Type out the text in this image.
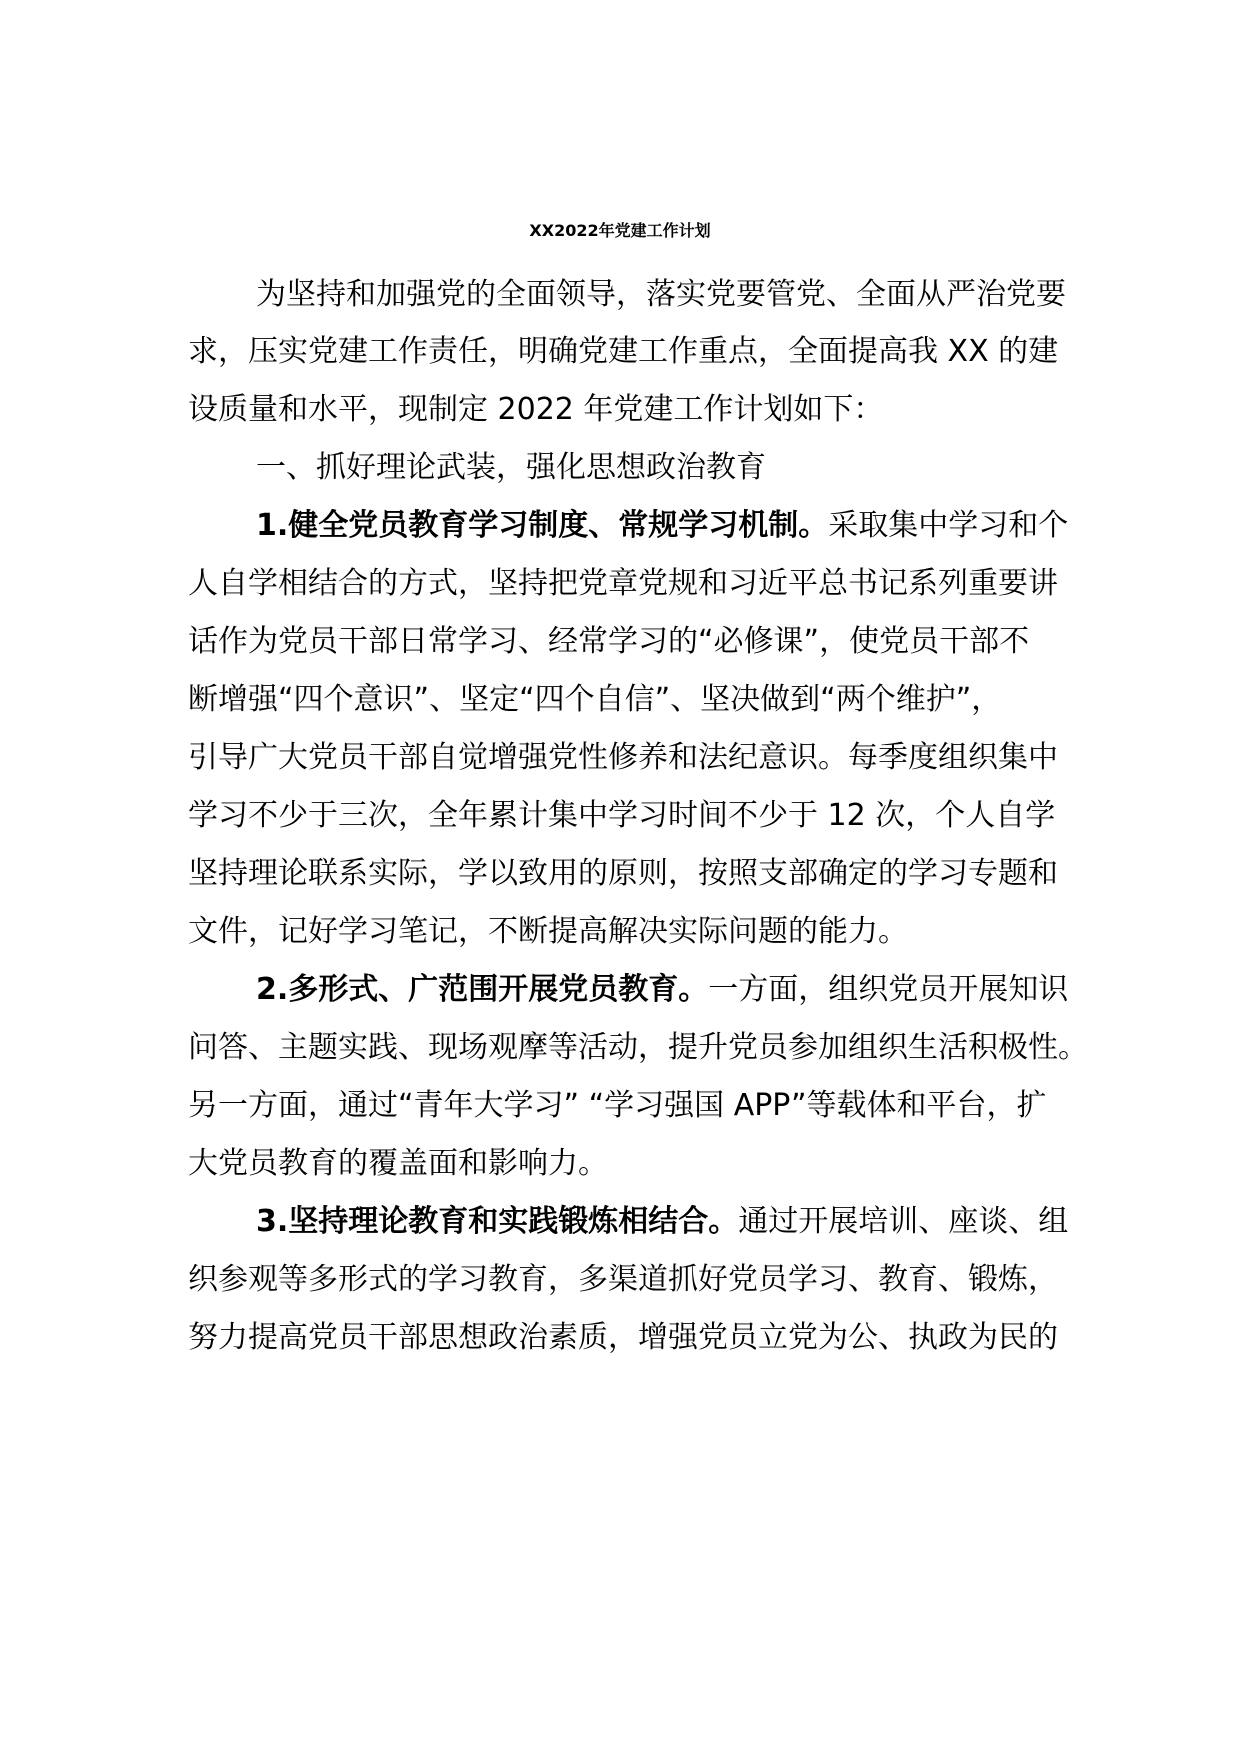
XX2022年党建工作计划

为坚持和加强党的全面领导，落实党要管党、全面从严治党要

求，压实党建工作责任，明确党建工作重点，全面提高我 XX 的建

设质量和水平，现制定 2022 年党建工作计划如下：

一、抓好理论武装，强化思想政治教育

1.健全党员教育学习制度、常规学习机制。采取集中学习和个

人自学相结合的方式，坚持把党章党规和习近平总书记系列重要讲

话作为党员干部日常学习、经常学习的“必修课”，使党员干部不

断增强“四个意识”、坚定“四个自信”、坚决做到“两个维护”，

引导广大党员干部自觉增强党性修养和法纪意识。每季度组织集中

学习不少于三次，全年累计集中学习时间不少于 12 次，个人自学

坚持理论联系实际，学以致用的原则，按照支部确定的学习专题和

文件，记好学习笔记，不断提高解决实际问题的能力。

2.多形式、广范围开展党员教育。一方面，组织党员开展知识

问答、主题实践、现场观摩等活动，提升党员参加组织生活积极性。

另一方面，通过“青年大学习” “学习强国 APP”等载体和平台，扩

大党员教育的覆盖面和影响力。

3.坚持理论教育和实践锻炼相结合。通过开展培训、座谈、组

织参观等多形式的学习教育，多渠道抓好党员学习、教育、锻炼，

努力提高党员干部思想政治素质，增强党员立党为公、执政为民的
